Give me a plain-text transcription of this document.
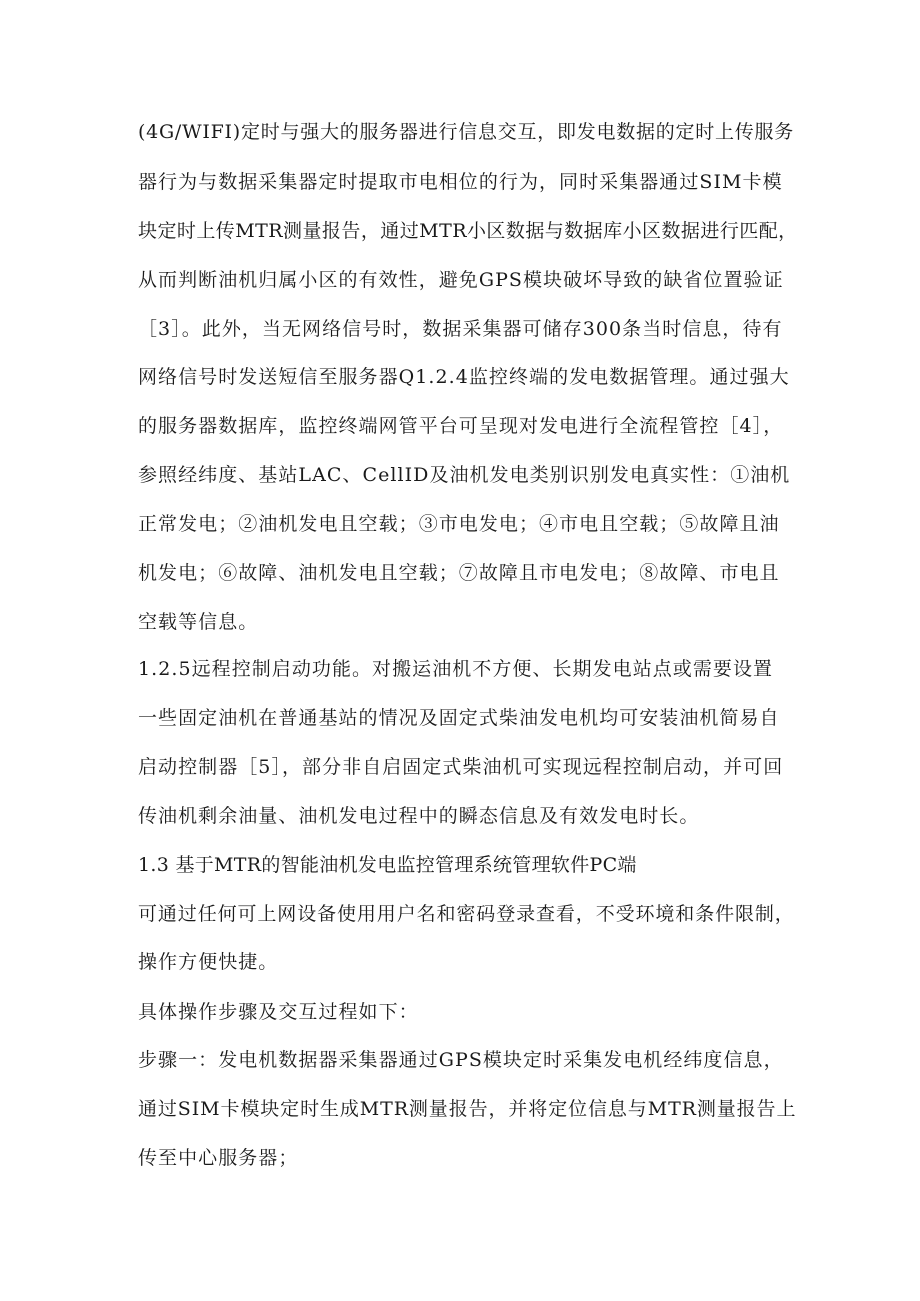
(4G/WIFI)定时与强大的服务器进行信息交互，即发电数据的定时上传服务
器行为与数据采集器定时提取市电相位的行为，同时采集器通过SIM卡模
块定时上传MTR测量报告，通过MTR小区数据与数据库小区数据进行匹配，
从而判断油机归属小区的有效性，避免GPS模块破坏导致的缺省位置验证
［3］。此外，当无网络信号时，数据采集器可储存300条当时信息，待有
网络信号时发送短信至服务器Q1.2.4监控终端的发电数据管理。通过强大
的服务器数据库，监控终端网管平台可呈现对发电进行全流程管控［4］，
参照经纬度、基站LAC、CellID及油机发电类别识别发电真实性：①油机
正常发电；②油机发电且空载；③市电发电；④市电且空载；⑤故障且油
机发电；⑥故障、油机发电且空载；⑦故障且市电发电；⑧故障、市电且
空载等信息。
1.2.5远程控制启动功能。对搬运油机不方便、长期发电站点或需要设置
一些固定油机在普通基站的情况及固定式柴油发电机均可安装油机简易自
启动控制器［5］，部分非自启固定式柴油机可实现远程控制启动，并可回
传油机剩余油量、油机发电过程中的瞬态信息及有效发电时长。
1.3 基于MTR的智能油机发电监控管理系统管理软件PC端
可通过任何可上网设备使用用户名和密码登录查看，不受环境和条件限制，
操作方便快捷。
具体操作步骤及交互过程如下：
步骤一：发电机数据器采集器通过GPS模块定时采集发电机经纬度信息，
通过SIM卡模块定时生成MTR测量报告，并将定位信息与MTR测量报告上
传至中心服务器；
